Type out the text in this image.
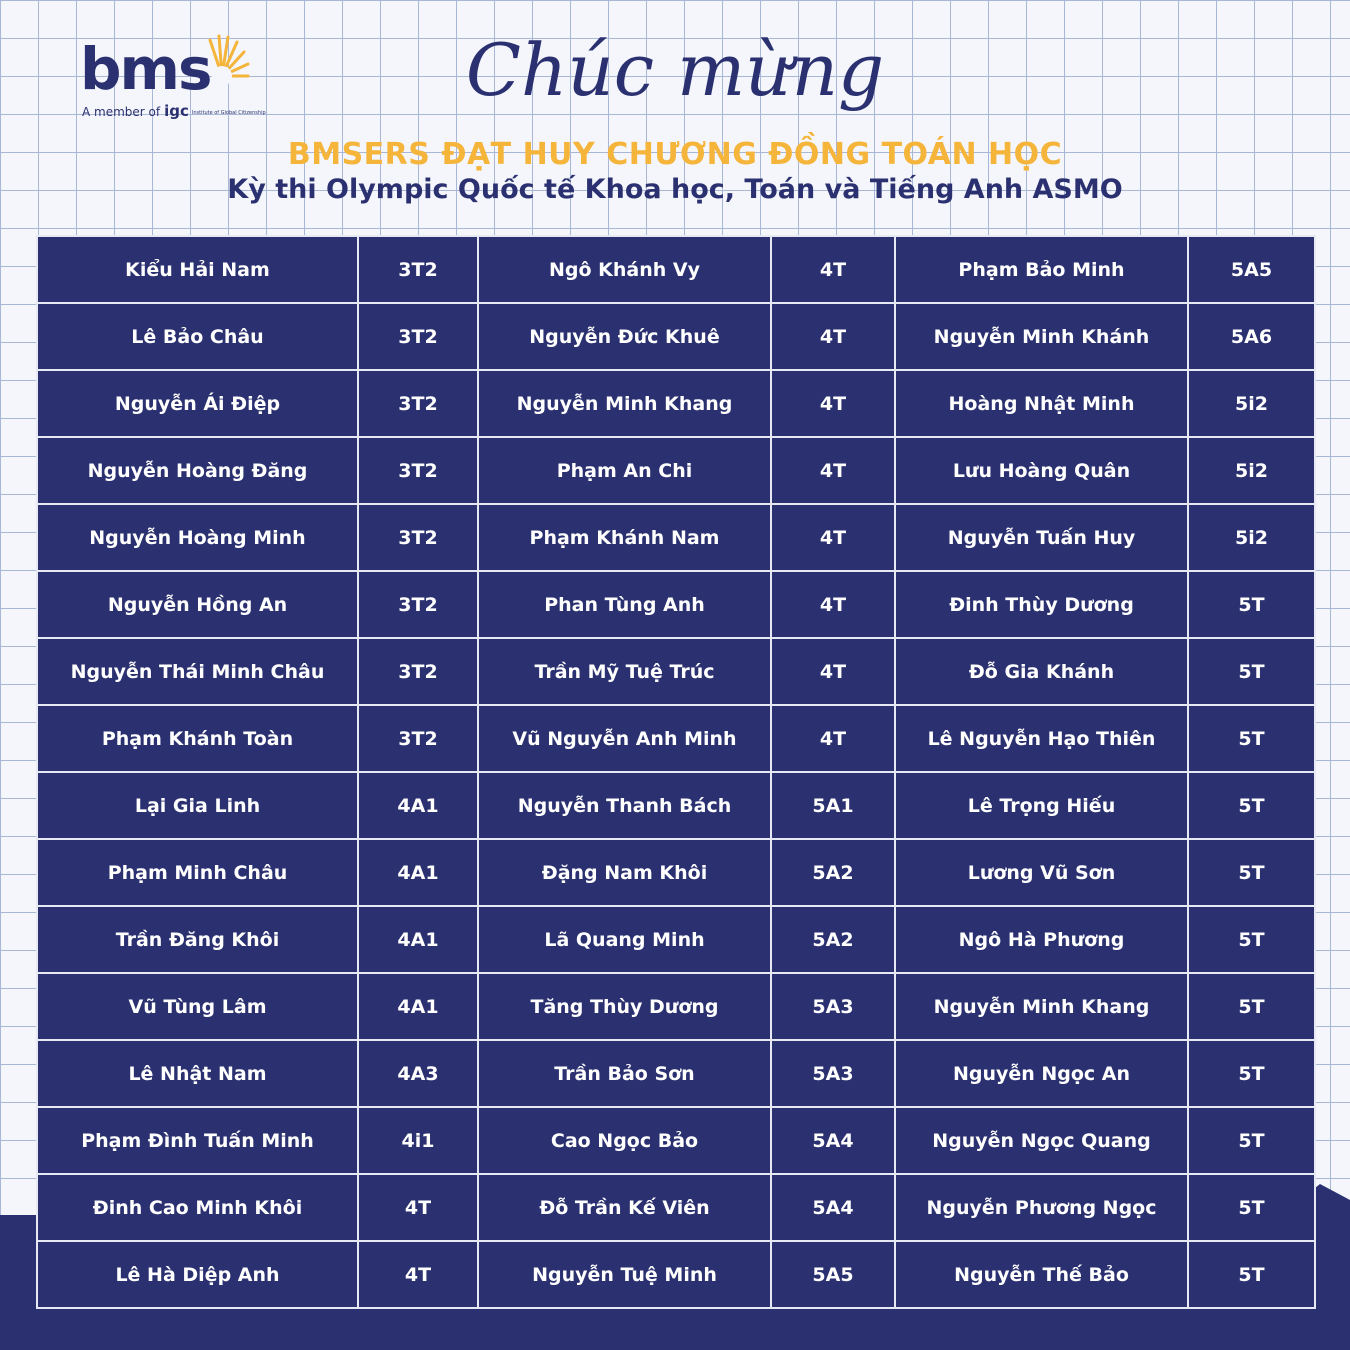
bms
A member of igc Institute of Global Citizenship
Chúc mừng
BMSERS ĐẠT HUY CHƯƠNG ĐỒNG TOÁN HỌC
Kỳ thi Olympic Quốc tế Khoa học, Toán và Tiếng Anh ASMO
Kiểu Hải Nam	3T2	Ngô Khánh Vy	4T	Phạm Bảo Minh	5A5
Lê Bảo Châu	3T2	Nguyễn Đức Khuê	4T	Nguyễn Minh Khánh	5A6
Nguyễn Ái Điệp	3T2	Nguyễn Minh Khang	4T	Hoàng Nhật Minh	5i2
Nguyễn Hoàng Đăng	3T2	Phạm An Chi	4T	Lưu Hoàng Quân	5i2
Nguyễn Hoàng Minh	3T2	Phạm Khánh Nam	4T	Nguyễn Tuấn Huy	5i2
Nguyễn Hồng An	3T2	Phan Tùng Anh	4T	Đinh Thùy Dương	5T
Nguyễn Thái Minh Châu	3T2	Trần Mỹ Tuệ Trúc	4T	Đỗ Gia Khánh	5T
Phạm Khánh Toàn	3T2	Vũ Nguyễn Anh Minh	4T	Lê Nguyễn Hạo Thiên	5T
Lại Gia Linh	4A1	Nguyễn Thanh Bách	5A1	Lê Trọng Hiếu	5T
Phạm Minh Châu	4A1	Đặng Nam Khôi	5A2	Lương Vũ Sơn	5T
Trần Đăng Khôi	4A1	Lã Quang Minh	5A2	Ngô Hà Phương	5T
Vũ Tùng Lâm	4A1	Tăng Thùy Dương	5A3	Nguyễn Minh Khang	5T
Lê Nhật Nam	4A3	Trần Bảo Sơn	5A3	Nguyễn Ngọc An	5T
Phạm Đình Tuấn Minh	4i1	Cao Ngọc Bảo	5A4	Nguyễn Ngọc Quang	5T
Đinh Cao Minh Khôi	4T	Đỗ Trần Kế Viên	5A4	Nguyễn Phương Ngọc	5T
Lê Hà Diệp Anh	4T	Nguyễn Tuệ Minh	5A5	Nguyễn Thế Bảo	5T
